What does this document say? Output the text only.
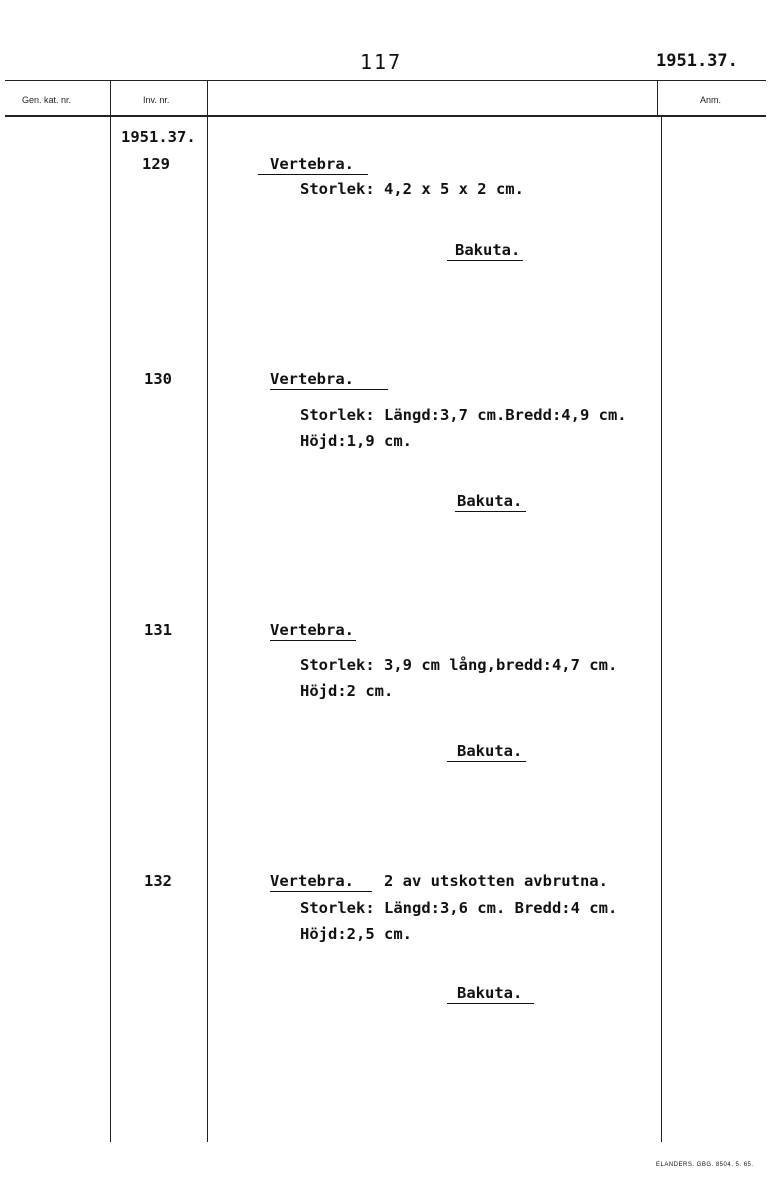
117	1951.37.
Gen. kat. nr.	Inv. nr.	Anm.
1951.37.
129	Vertebra.
Storlek: 4,2 x 5 x 2 cm.
Bakuta.
130	Vertebra.
Storlek: Längd:3,7 cm.Bredd:4,9 cm.
Höjd:1,9 cm.
Bakuta.
131	Vertebra.
Storlek: 3,9 cm lång,bredd:4,7 cm.
Höjd:2 cm.
Bakuta.
132	Vertebra.	2 av utskotten avbrutna.
Storlek: Längd:3,6 cm. Bredd:4 cm.
Höjd:2,5 cm.
Bakuta.
ELANDERS. GBG. 8504. 5. 65.
